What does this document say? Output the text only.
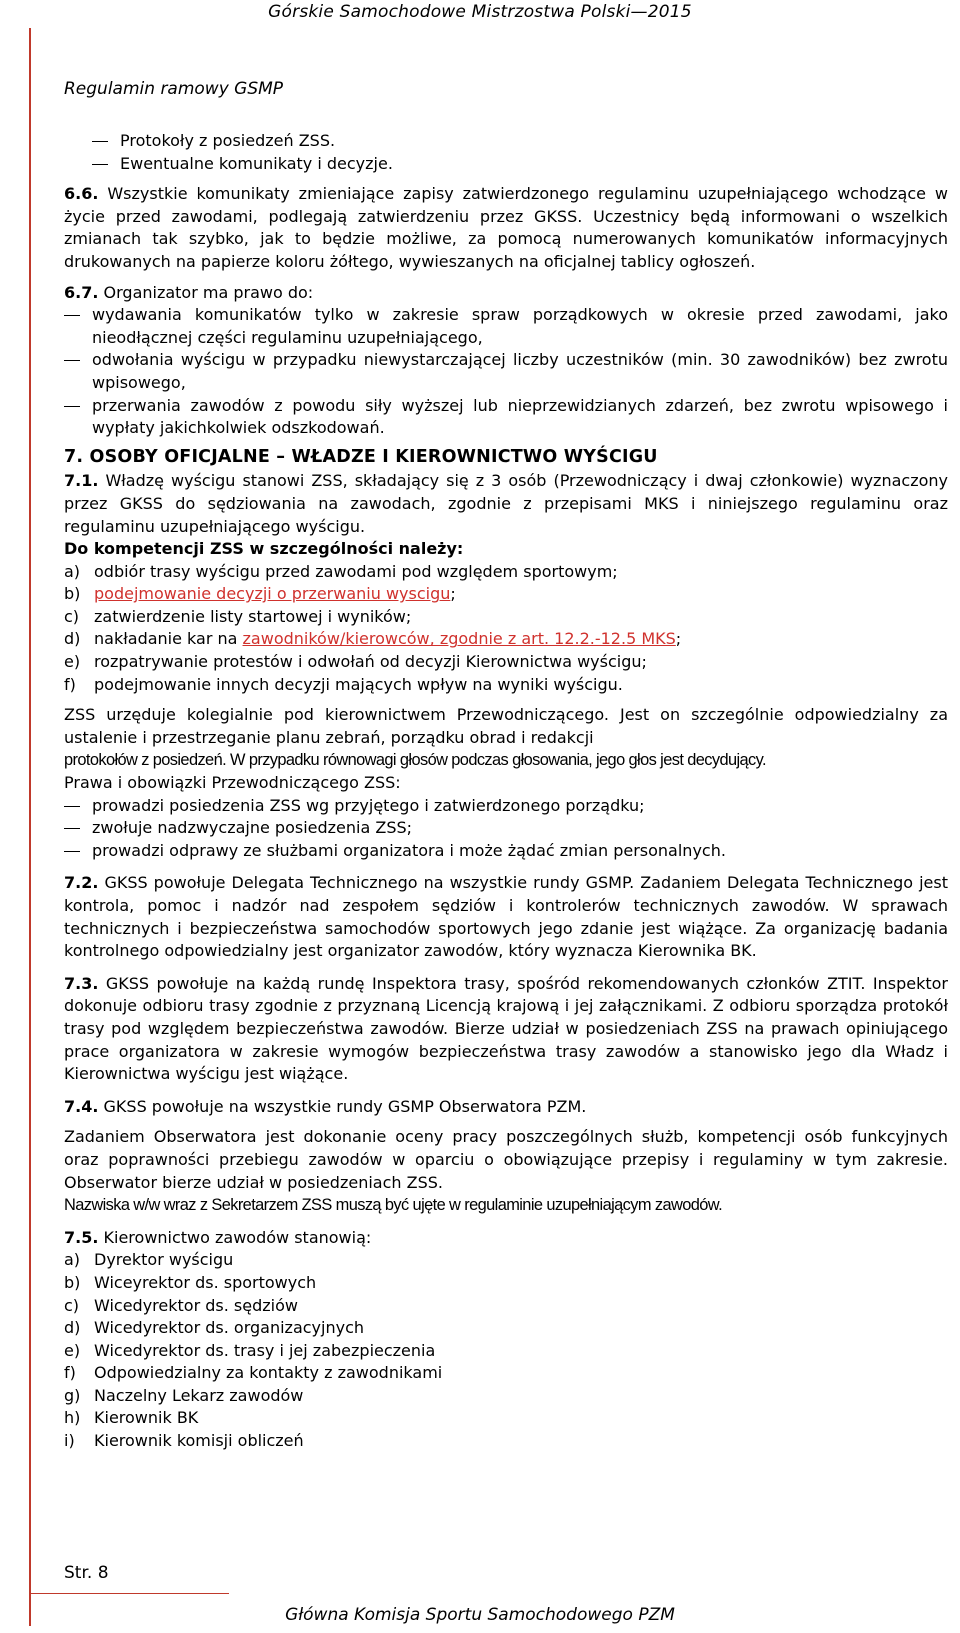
Górskie Samochodowe Mistrzostwa Polski—2015
Regulamin ramowy GSMP

Protokoły z posiedzeń ZSS.

Ewentualne komunikaty i decyzje.

6.6. Wszystkie komunikaty zmieniające zapisy zatwierdzonego regulaminu uzupełniającego wchodzące w życie przed zawodami, podlegają zatwierdzeniu przez GKSS. Uczestnicy będą informowani o wszelkich zmianach tak szybko, jak to będzie możliwe, za pomocą numerowanych komunikatów informacyjnych drukowanych na papierze koloru żółtego, wywieszanych na oficjalnej tablicy ogłoszeń.

6.7. Organizator ma prawo do:

wydawania komunikatów tylko w zakresie spraw porządkowych w okresie przed zawodami, jako nieodłącznej części regulaminu uzupełniającego,

odwołania wyścigu w przypadku niewystarczającej liczby uczestników (min. 30 zawodników) bez zwrotu wpisowego,

przerwania zawodów z powodu siły wyższej lub nieprzewidzianych zdarzeń, bez zwrotu wpisowego i wypłaty jakichkolwiek odszkodowań.

7. OSOBY OFICJALNE – WŁADZE I KIEROWNICTWO WYŚCIGU

7.1. Władzę wyścigu stanowi ZSS, składający się z 3 osób (Przewodniczący i dwaj członkowie) wyznaczony przez GKSS do sędziowania na zawodach, zgodnie z przepisami MKS i niniejszego regulaminu oraz regulaminu uzupełniającego wyścigu.

Do kompetencji ZSS w szczególności należy:

a) odbiór trasy wyścigu przed zawodami pod względem sportowym;

b) podejmowanie decyzji o przerwaniu wyscigu;

c) zatwierdzenie listy startowej i wyników;

d) nakładanie kar na zawodników/kierowców, zgodnie z art. 12.2.-12.5 MKS;

e) rozpatrywanie protestów i odwołań od decyzji Kierownictwa wyścigu;

f) podejmowanie innych decyzji mających wpływ na wyniki wyścigu.

ZSS urzęduje kolegialnie pod kierownictwem Przewodniczącego. Jest on szczególnie odpowiedzialny za ustalenie i przestrzeganie planu zebrań, porządku obrad i redakcji

protokołów z posiedzeń. W przypadku równowagi głosów podczas głosowania, jego głos jest decydujący.

Prawa i obowiązki Przewodniczącego ZSS:

prowadzi posiedzenia ZSS wg przyjętego i zatwierdzonego porządku;

zwołuje nadzwyczajne posiedzenia ZSS;

prowadzi odprawy ze służbami organizatora i może żądać zmian personalnych.

7.2. GKSS powołuje Delegata Technicznego na wszystkie rundy GSMP. Zadaniem Delegata Technicznego jest kontrola, pomoc i nadzór nad zespołem sędziów i kontrolerów technicznych zawodów. W sprawach technicznych i bezpieczeństwa samochodów sportowych jego zdanie jest wiążące. Za organizację badania kontrolnego odpowiedzialny jest organizator zawodów, który wyznacza Kierownika BK.

7.3. GKSS powołuje na każdą rundę Inspektora trasy, spośród rekomendowanych członków ZTIT. Inspektor dokonuje odbioru trasy zgodnie z przyznaną Licencją krajową i jej załącznikami. Z odbioru sporządza protokół trasy pod względem bezpieczeństwa zawodów. Bierze udział w posiedzeniach ZSS na prawach opiniującego prace organizatora w zakresie wymogów bezpieczeństwa trasy zawodów a stanowisko jego dla Władz i Kierownictwa wyścigu jest wiążące.

7.4. GKSS powołuje na wszystkie rundy GSMP Obserwatora PZM.

Zadaniem Obserwatora jest dokonanie oceny pracy poszczególnych służb, kompetencji osób funkcyjnych oraz poprawności przebiegu zawodów w oparciu o obowiązujące przepisy i regulaminy w tym zakresie. Obserwator bierze udział w posiedzeniach ZSS.

Nazwiska w/w wraz z Sekretarzem ZSS muszą być ujęte w regulaminie uzupełniającym zawodów.

7.5. Kierownictwo zawodów stanowią:

a) Dyrektor wyścigu

b) Wiceyrektor ds. sportowych

c) Wicedyrektor ds. sędziów

d) Wicedyrektor ds. organizacyjnych

e) Wicedyrektor ds. trasy i jej zabezpieczenia

f) Odpowiedzialny za kontakty z zawodnikami

g) Naczelny Lekarz zawodów

h) Kierownik BK

i) Kierownik komisji obliczeń

Str. 8
Główna Komisja Sportu Samochodowego PZM
